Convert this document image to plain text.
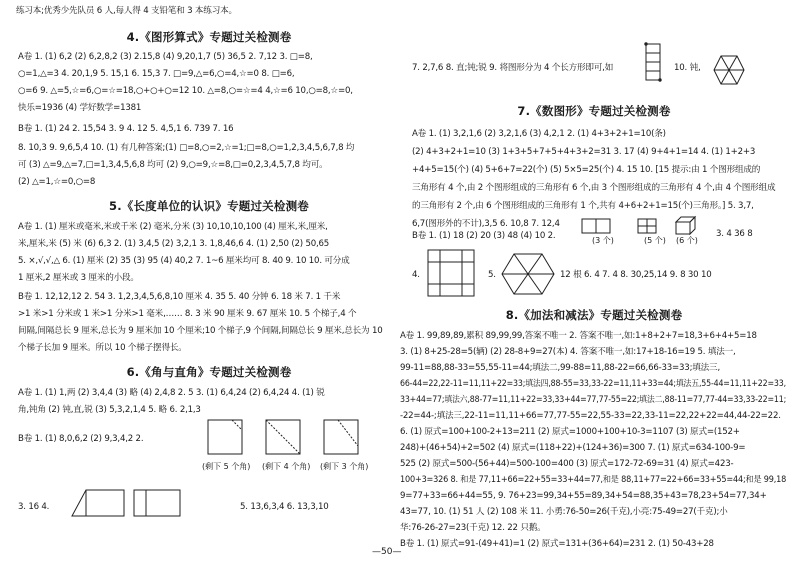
练习本;优秀少先队员 6 人,每人得 4 支铅笔和 3 本练习本。
4.《图形算式》专题过关检测卷
A卷 1. (1) 6,2 (2) 6,2,8,2 (3) 2.15,8 (4) 9,20,1,7 (5) 36,5 2. 7,12 3. □=8,
○=1,△=3 4. 20,1,9 5. 15,1 6. 15,3 7. □=9,△=6,○=4,☆=0 8. □=6,
○=6 9. △=5,☆=6,○=☆=18,○+○+○=12 10. △=8,○=☆=4 4,☆=6 10,○=8,☆=0,
快乐=1936 (4) 学好数学=1381
B卷 1. (1) 24 2. 15,54 3. 9 4. 12 5. 4,5,1 6. 739 7. 16
8. 10,3 9. 9,6,5,4 10. (1) 有几种答案;(1) □=8,○=2,☆=1;□=8,○=1,2,3,4,5,6,7,8 均
可 (3) △=9,△=7,□=1,3,4,5,6,8 均可 (2) 9,○=9,☆=8,□=0,2,3,4,5,7,8 均可。
(2) △=1,☆=0,○=8
5.《长度单位的认识》专题过关检测卷
A卷 1. (1) 厘米或毫米,米或千米 (2) 毫米,分米 (3) 10,10,10,100 (4) 厘米,米,厘米,
米,厘米,米 (5) 米 (6) 6,3 2. (1) 3,4,5 (2) 3,2,1 3. 1,8,46,6 4. (1) 2,50 (2) 50,65
5. ×,√,√,△ 6. (1) 厘米 (2) 35 (3) 95 (4) 40,2 7. 1~6 厘米均可 8. 40 9. 10 10. 可分成
1 厘米,2 厘米或 3 厘米的小段。
B卷 1. 12,12,12 2. 54 3. 1,2,3,4,5,6,8,10 厘米 4. 35 5. 40 分钟 6. 18 米 7. 1 千米
>1 米>1 分米或 1 米>1 分米>1 毫米,…… 8. 3 米 90 厘米 9. 67 厘米 10. 5 个梯子,4 个
间隔,间隔总长 9 厘米,总长为 9 厘米加 10 个厘米;10 个梯子,9 个间隔,间隔总长 9 厘米,总长为 10
个梯子长加 9 厘米。所以 10 个梯子摆得长。
6.《角与直角》专题过关检测卷
A卷 1. (1) 1,两 (2) 3,4,4 (3) 略 (4) 2,4,8 2. 5 3. (1) 6,4,24 (2) 6,4,24 4. (1) 锐
角,钝角 (2) 钝,直,锐 (3) 5,3,2,1,4 5. 略 6. 2,1,3
B卷 1. (1) 8,0,6,2 (2) 9,3,4,2 2.
(剩下 5 个角) (剩下 4 个角) (剩下 3 个角)
3. 16 4.	5. 13,6,3,4 6. 13,3,10
7. 2,7,6 8. 直;钝;锐 9. 将图形分为 4 个长方形即可,如	10. 钝,
7.《数图形》专题过关检测卷
A卷 1. (1) 3,2,1,6 (2) 3,2,1,6 (3) 4,2,1 2. (1) 4+3+2+1=10(条)
(2) 4+3+2+1=10 (3) 1+3+5+7+5+4+3+2=31 3. 17 (4) 9+4+1=14 4. (1) 1+2+3
+4+5=15(个) (4) 5+6+7=22(个) (5) 5×5=25(个) 4. 15 10. [15 提示:由 1 个图形组成的
三角形有 4 个,由 2 个图形组成的三角形有 6 个,由 3 个图形组成的三角形有 4 个,由 4 个图形组成
的三角形有 2 个,由 6 个图形组成的三角形有 1 个,共有 4+6+2+1=15(个)三角形。] 5. 3,7,
6,7(图形外的不计),3,5 6. 10,8 7. 12,4
B卷 1. (1) 18 (2) 20 (3) 48 (4) 10 2.	(3 个)	(5 个) (6 个)
3. 4 36 8
4.	5.	12 根 6. 4 7. 4 8. 30,25,14 9. 8 30 10
8.《加法和减法》专题过关检测卷
A卷 1. 99,89,89,累积 89,99,99,答案不唯一 2. 答案不唯一,如:1+8+2+7=18,3+6+4+5=18
3. (1) 8+25-28=5(辆) (2) 28-8+9=27(本) 4. 答案不唯一,如:17+18-16=19 5. 填法一,
99-11=88,88-33=55,55-11=44;填法二,99-88=11,88-22=66,66-33=33;填法三,
66-44=22,22-11=11,11+22=33;填法四,88-55=33,33-22=11,11+33=44;填法五,55-44=11,11+22=33,
33+44=77;填法六,88-77=11,11+22=33,33+44=77,77-55=22;填法二,88-11=77,77-44=33,33-22=11;
-22=44-;填法三,22-11=11,11+66=77,77-55=22,55-33=22,33-11=22,22+22=44,44-22=22.
6. (1) 原式=100+100-2+13=211 (2) 原式=1000+100+10-3=1107 (3) 原式=(152+
248)+(46+54)+2=502 (4) 原式=(118+22)+(124+36)=300 7. (1) 原式=634-100-9=
525 (2) 原式=500-(56+44)=500-100=400 (3) 原式=172-72-69=31 (4) 原式=423-
100+3=326 8. 和是 77,11+66=22+55=33+44=77,和是 88,11+77=22+66=33+55=44;和是 99,18
9=77+33=66+44=55, 9. 76+23=99,34+55=89,34+54=88,35+43=78,23+54=77,34+
43=77, 10. (1) 51 人 (2) 108 米 11. 小勇:76-50=26(千克),小亮:75-49=27(千克);小
华:76-26-27=23(千克) 12. 22 只鹅。
B卷 1. (1) 原式=91-(49+41)=1 (2) 原式=131+(36+64)=231 2. (1) 50-43+28
—50—
